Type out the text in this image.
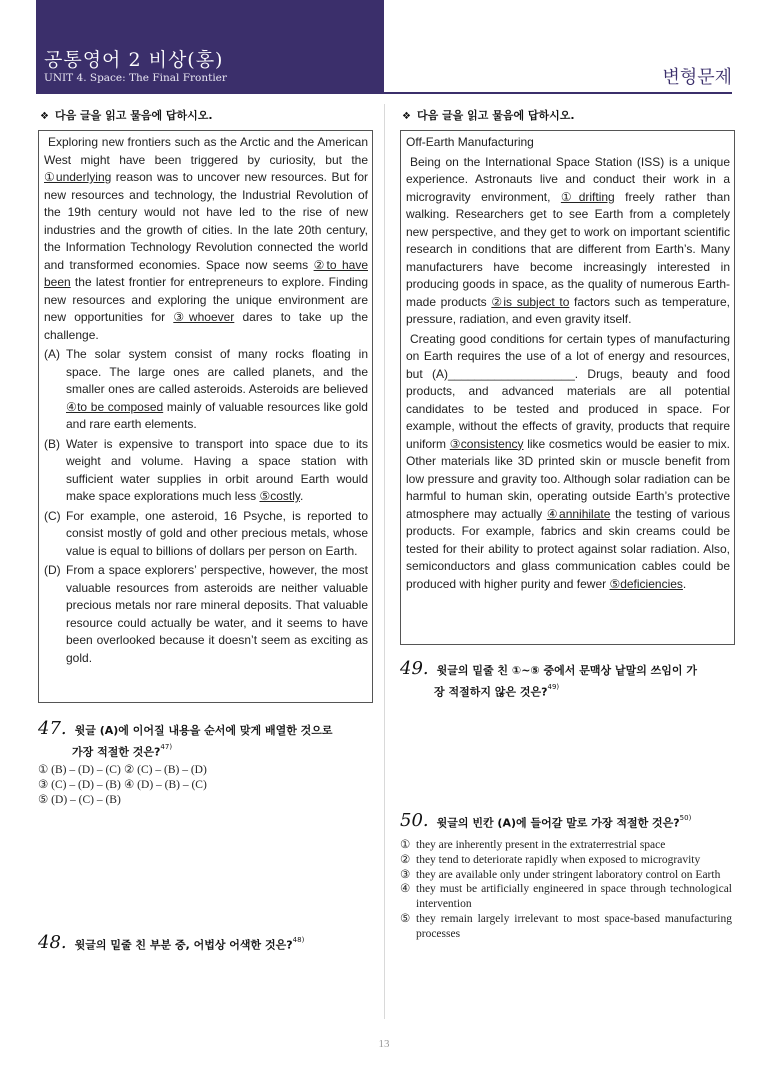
공통영어 2 비상(홍)
UNIT 4. Space: The Final Frontier	변형문제
❖ 다음 글을 읽고 물음에 답하시오.

Exploring new frontiers such as the Arctic and the American West might have been triggered by curiosity, but the ①underlying reason was to uncover new resources. But for new resources and technology, the Industrial Revolution of the 19th century would not have led to the rise of new industries and the growth of cities. In the late 20th century, the Information Technology Revolution connected the world and transformed economies. Space now seems ②to have been the latest frontier for entrepreneurs to explore. Finding new resources and exploring the unique environment are new opportunities for ③whoever dares to take up the challenge.

(A) The solar system consist of many rocks floating in space. The large ones are called planets, and the smaller ones are called asteroids. Asteroids are believed ④to be composed mainly of valuable resources like gold and rare earth elements.
(B) Water is expensive to transport into space due to its weight and volume. Having a space station with sufficient water supplies in orbit around Earth would make space explorations much less ⑤costly.
(C) For example, one asteroid, 16 Psyche, is reported to consist mostly of gold and other precious metals, whose value is equal to billions of dollars per person on Earth.
(D) From a space explorers’ perspective, however, the most valuable resources from asteroids are neither valuable precious metals nor rare mineral deposits. That valuable resource could actually be water, and it seems to have been overlooked because it doesn’t seem as exciting as gold.
47. 윗글 (A)에 이어질 내용을 순서에 맞게 배열한 것으로
가장 적절한 것은?$^{47)}$
① (B) – (D) – (C) ② (C) – (B) – (D)
③ (C) – (D) – (B) ④ (D) – (B) – (C)
⑤ (D) – (C) – (B)
48. 윗글의 밑줄 친 부분 중, 어법상 어색한 것은?$^{48)}$
❖ 다음 글을 읽고 물음에 답하시오.

Off-Earth Manufacturing

Being on the International Space Station (ISS) is a unique experience. Astronauts live and conduct their work in a microgravity environment, ①drifting freely rather than walking. Researchers get to see Earth from a completely new perspective, and they get to work on important scientific research in conditions that are different from Earth’s. Many manufacturers have become increasingly interested in producing goods in space, as the quality of numerous Earth-made products ②is subject to factors such as temperature, pressure, radiation, and even gravity itself.

Creating good conditions for certain types of manufacturing on Earth requires the use of a lot of energy and resources, but (A)___________________. Drugs, beauty and food products, and advanced materials are all potential candidates to be tested and produced in space. For example, without the effects of gravity, products that require uniform ③consistency like cosmetics would be easier to mix. Other materials like 3D printed skin or muscle benefit from low pressure and gravity too. Although solar radiation can be harmful to human skin, operating outside Earth’s protective atmosphere may actually ④annihilate the testing of various products. For example, fabrics and skin creams could be tested for their ability to protect against solar radiation. Also, semiconductors and glass communication cables could be produced with higher purity and fewer ⑤deficiencies.

49. 윗글의 밑줄 친 ①~⑤ 중에서 문맥상 낱말의 쓰임이 가
장 적절하지 않은 것은?$^{49)}$
50. 윗글의 빈칸 (A)에 들어갈 말로 가장 적절한 것은?$^{50)}$
① they are inherently present in the extraterrestrial space
② they tend to deteriorate rapidly when exposed to microgravity
③ they are available only under stringent laboratory control on Earth
④ they must be artificially engineered in space through technological intervention
⑤ they remain largely irrelevant to most space-based manufacturing processes
13
